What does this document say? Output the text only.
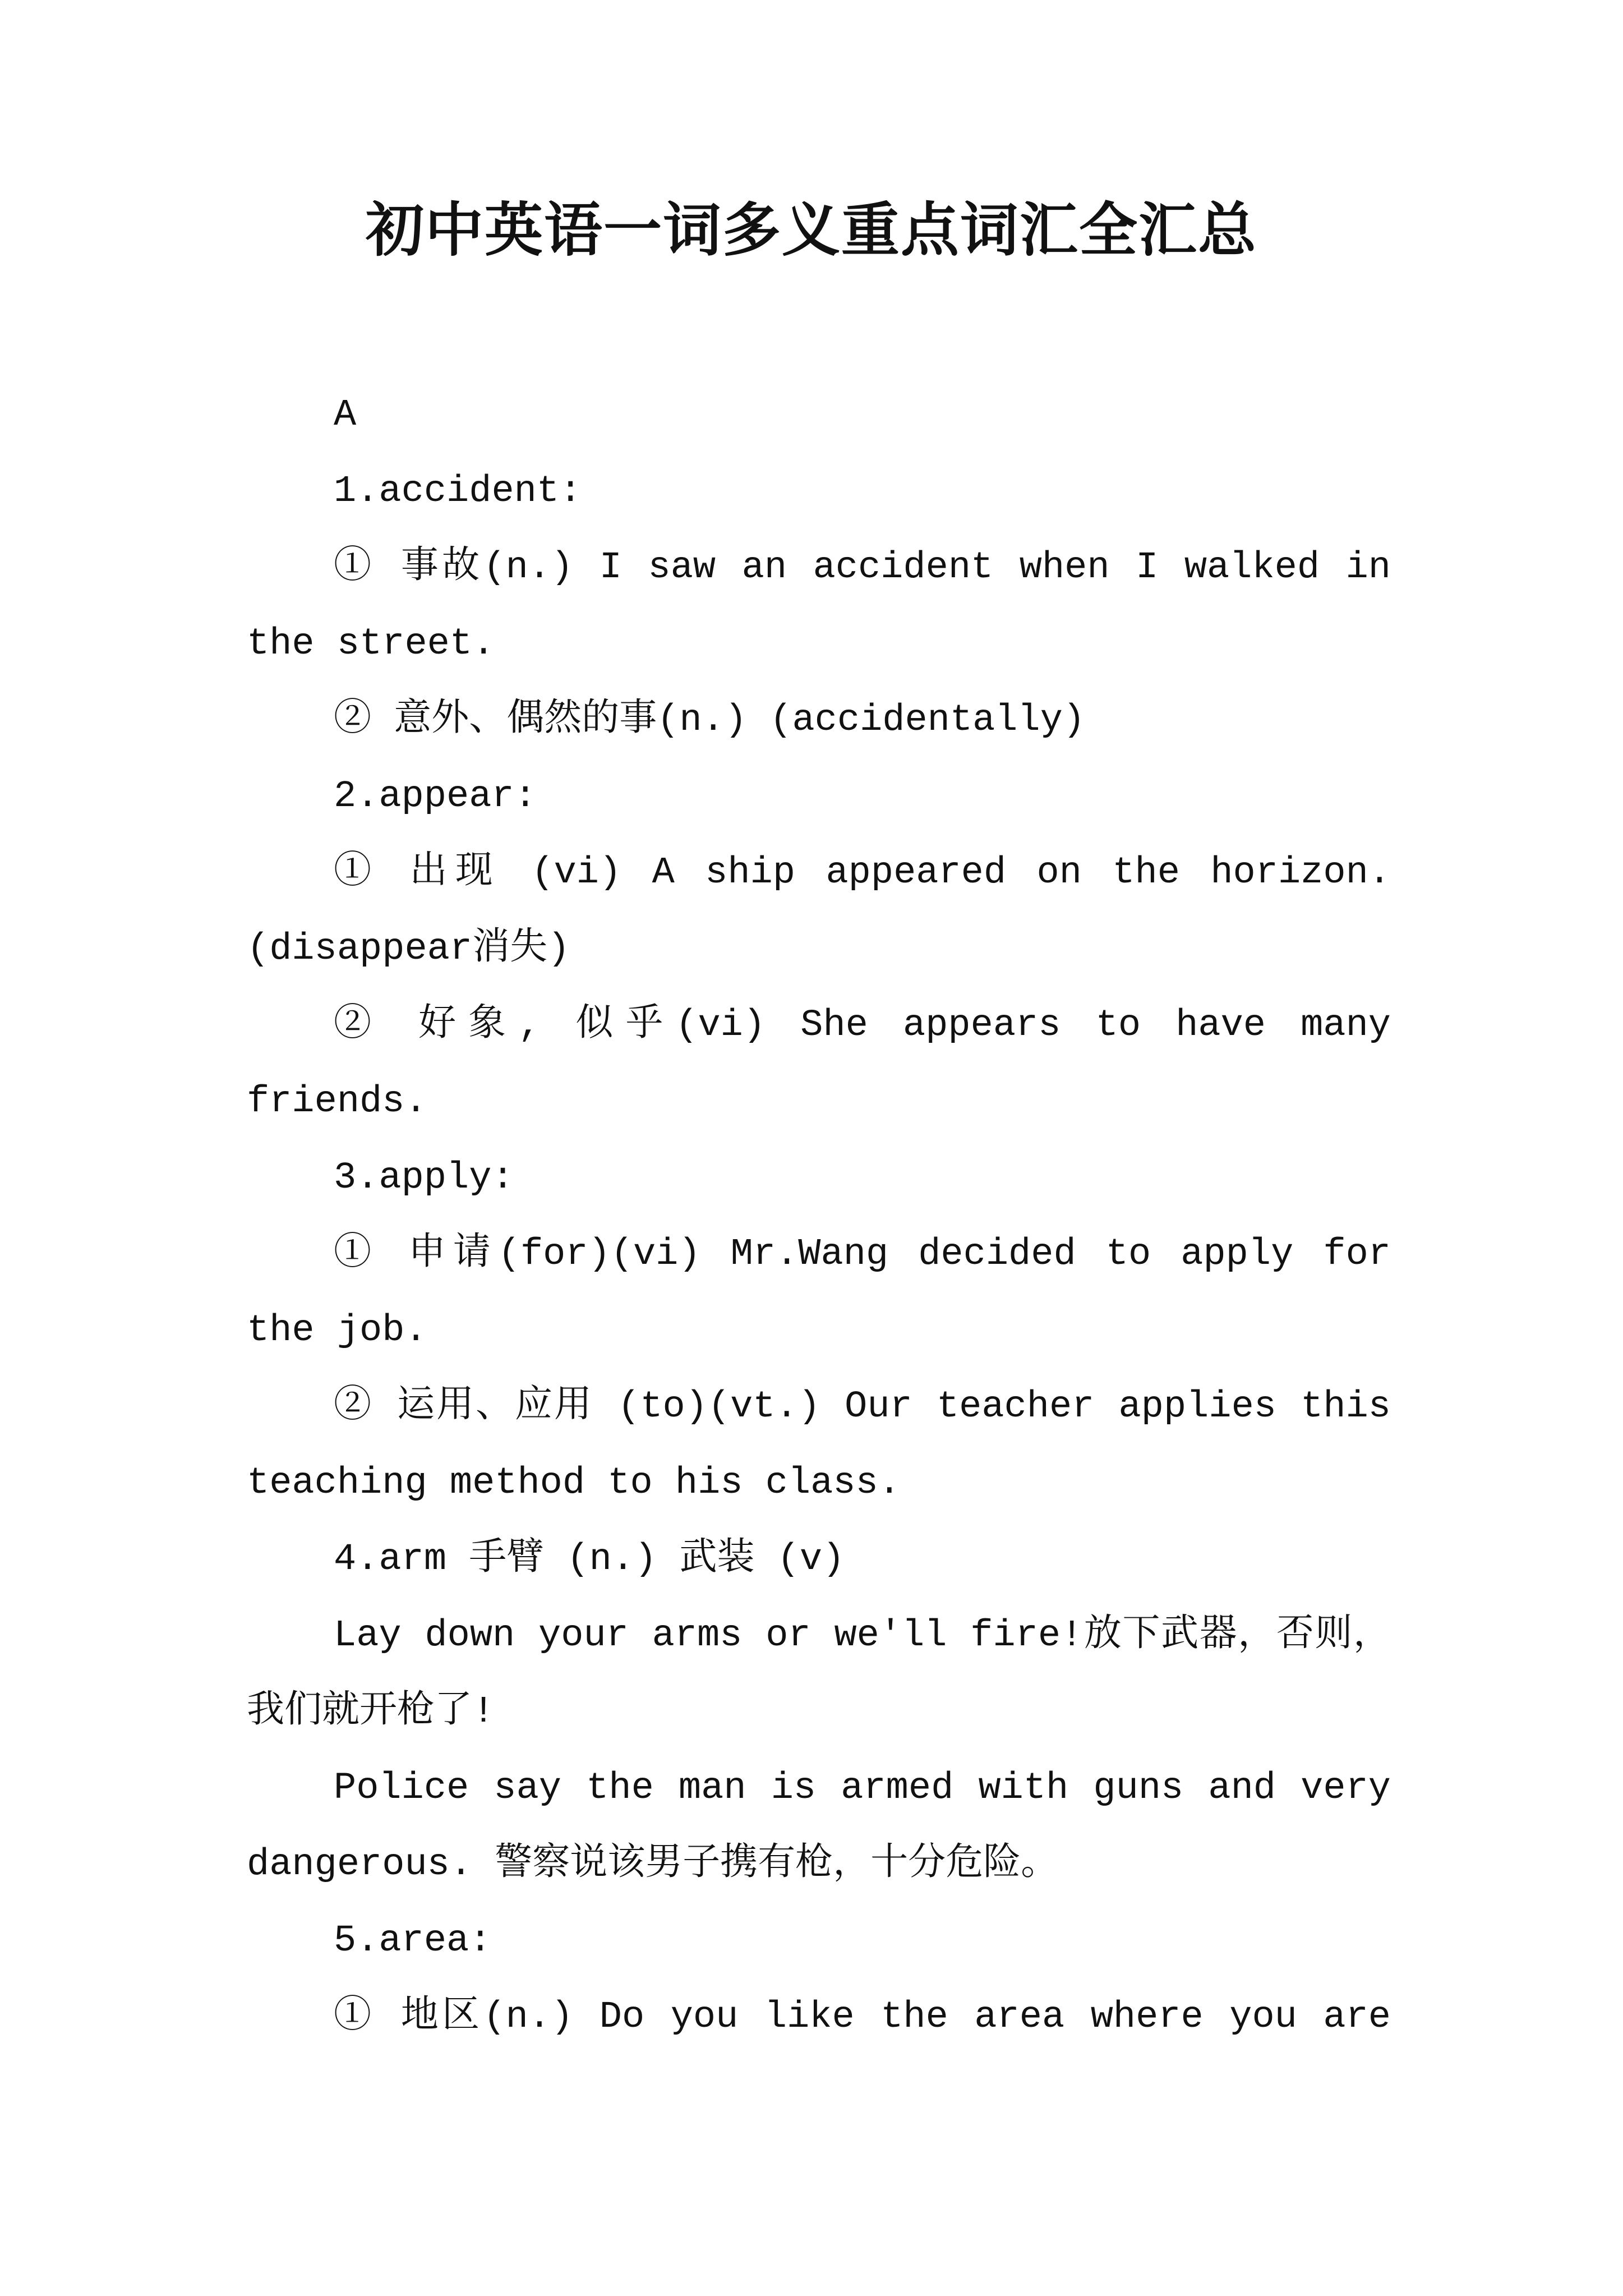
初中英语一词多义重点词汇全汇总
A
1.accident:
① 事故(n.) I saw an accident when I walked in
the street.
② 意外、偶然的事(n.) (accidentally)
2.appear:
① 出现 (vi) A ship appeared on the horizon.
(disappear消失)
② 好象, 似乎(vi) She appears to have many
friends.
3.apply:
① 申请(for)(vi) Mr.Wang decided to apply for
the job.
② 运用、应用 (to)(vt.) Our teacher applies this
teaching method to his class.
4.arm 手臂 (n.) 武装 (v)
Lay down your arms or we'll fire!放下武器，否则，
我们就开枪了!
Police say the man is armed with guns and very
dangerous. 警察说该男子携有枪，十分危险。
5.area:
① 地区(n.) Do you like the area where you are
